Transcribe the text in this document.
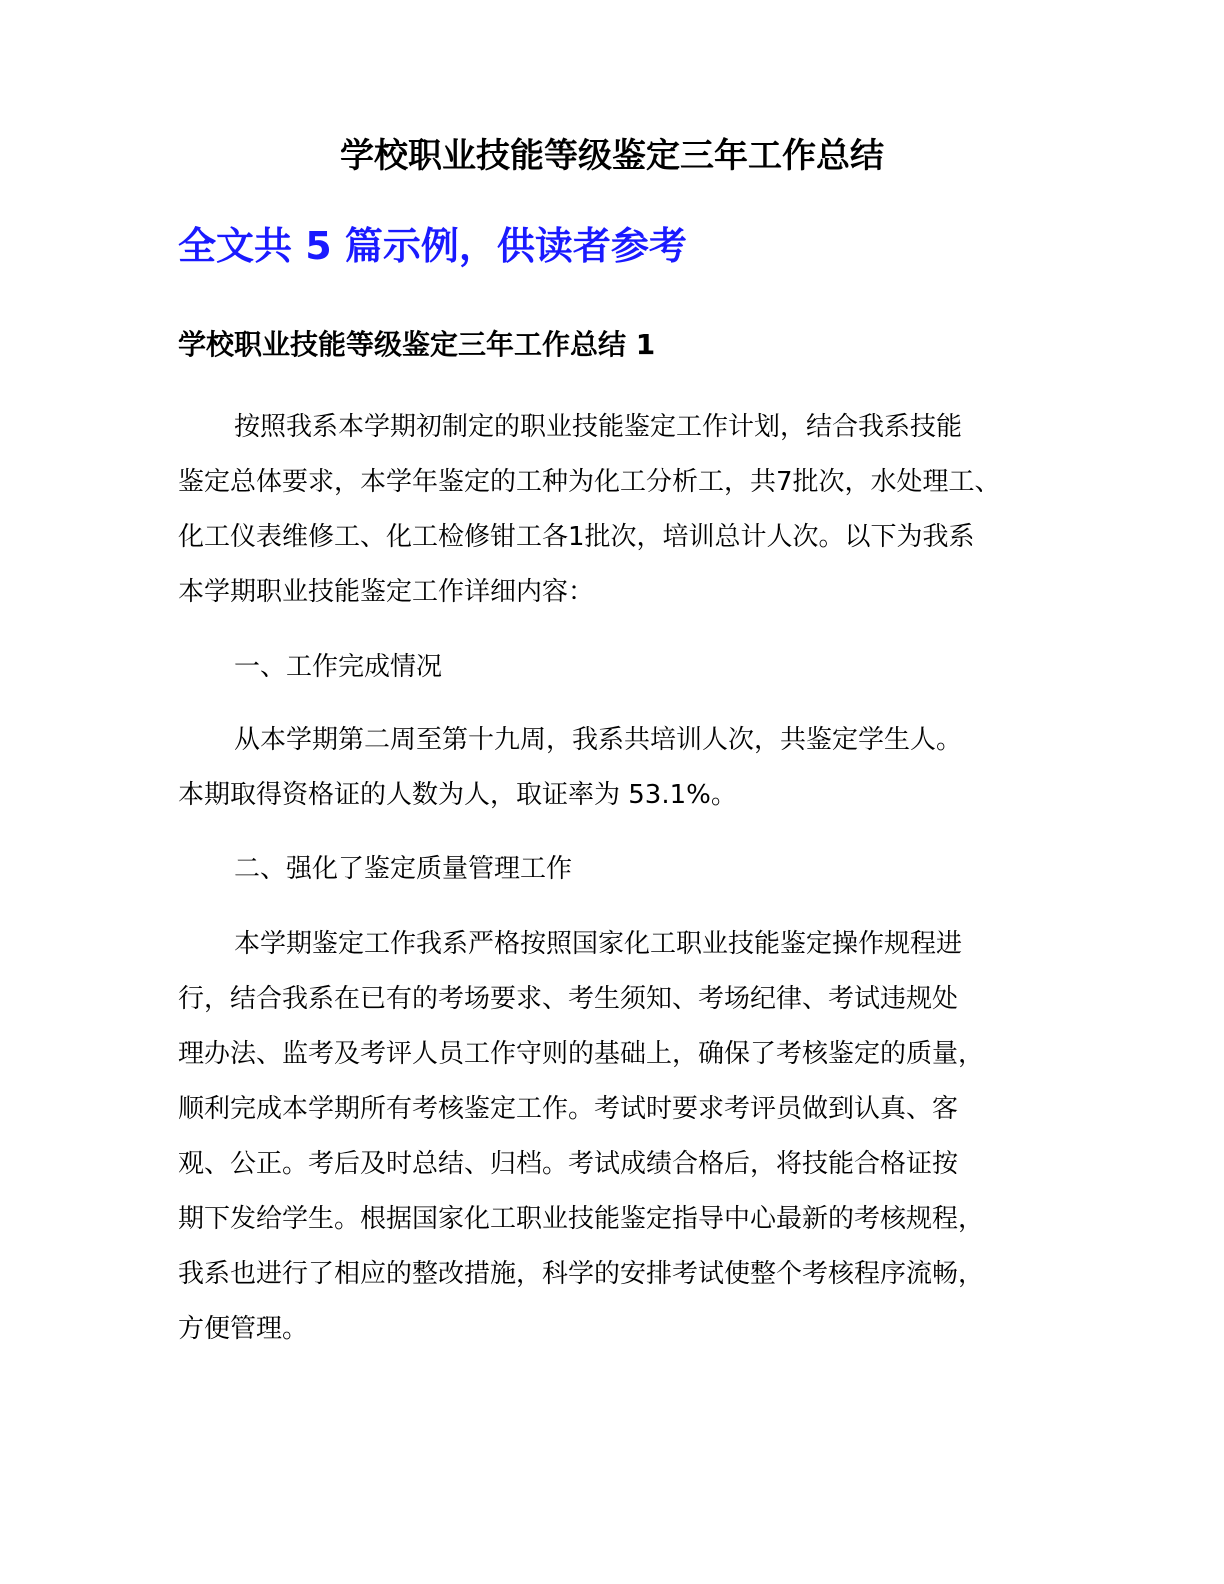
学校职业技能等级鉴定三年工作总结
全文共 5 篇示例，供读者参考
学校职业技能等级鉴定三年工作总结 1
按照我系本学期初制定的职业技能鉴定工作计划，结合我系技能
鉴定总体要求，本学年鉴定的工种为化工分析工，共7批次，水处理工、
化工仪表维修工、化工检修钳工各1批次，培训总计人次。以下为我系
本学期职业技能鉴定工作详细内容：
一、工作完成情况
从本学期第二周至第十九周，我系共培训人次，共鉴定学生人。
本期取得资格证的人数为人，取证率为 53.1%。
二、强化了鉴定质量管理工作
本学期鉴定工作我系严格按照国家化工职业技能鉴定操作规程进
行，结合我系在已有的考场要求、考生须知、考场纪律、考试违规处
理办法、监考及考评人员工作守则的基础上，确保了考核鉴定的质量，
顺利完成本学期所有考核鉴定工作。考试时要求考评员做到认真、客
观、公正。考后及时总结、归档。考试成绩合格后，将技能合格证按
期下发给学生。根据国家化工职业技能鉴定指导中心最新的考核规程，
我系也进行了相应的整改措施，科学的安排考试使整个考核程序流畅，
方便管理。
